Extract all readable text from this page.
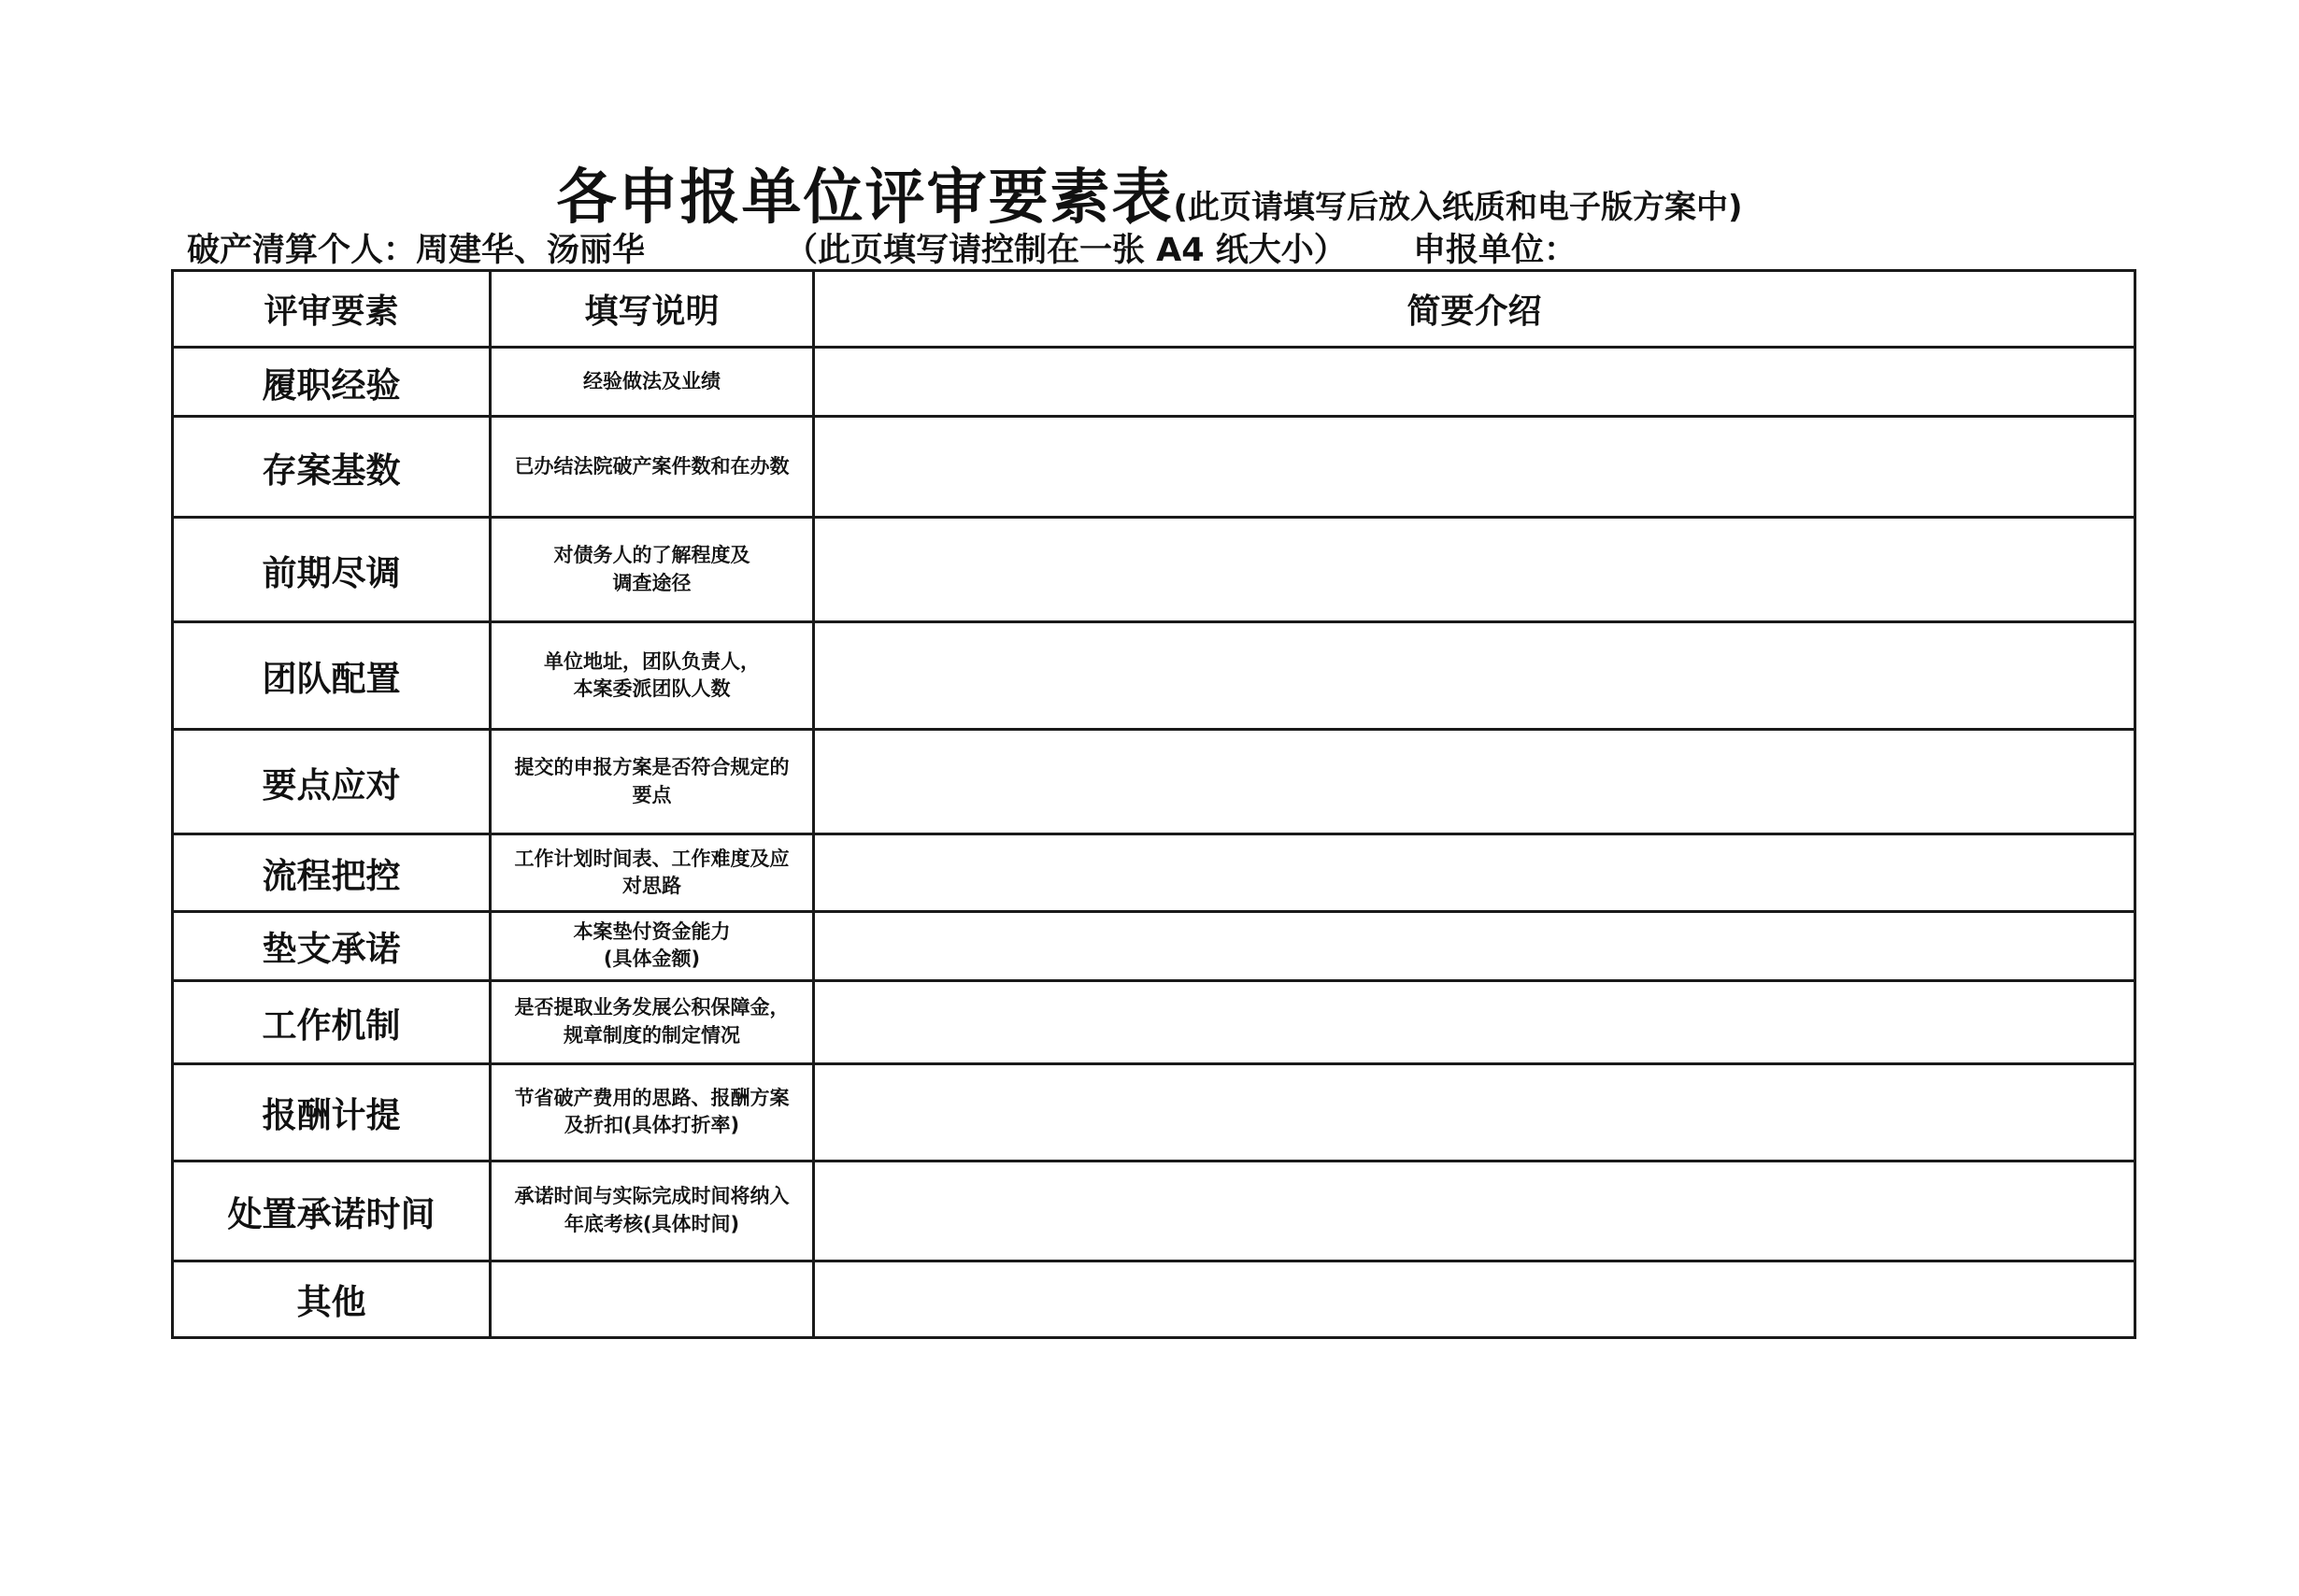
各申报单位评审要素表(此页请填写后放入纸质和电子版方案中)
破产清算个人：周建华、汤丽华	（此页填写请控制在一张 A4 纸大小） 申报单位：
评审要素	填写说明	简要介绍
履职经验	经验做法及业绩	

存案基数	已办结法院破产案件数和在办数	

前期尽调	对债务人的了解程度及
调查途径	

团队配置	单位地址，团队负责人，
本案委派团队人数	

要点应对	提交的申报方案是否符合规定的
要点	

流程把控	工作计划时间表、工作难度及应
对思路	

垫支承诺	本案垫付资金能力
(具体金额)	

工作机制	是否提取业务发展公积保障金，
规章制度的制定情况	

报酬计提	节省破产费用的思路、报酬方案
及折扣(具体打折率)	

处置承诺时间	承诺时间与实际完成时间将纳入
年底考核(具体时间)	

其他	
